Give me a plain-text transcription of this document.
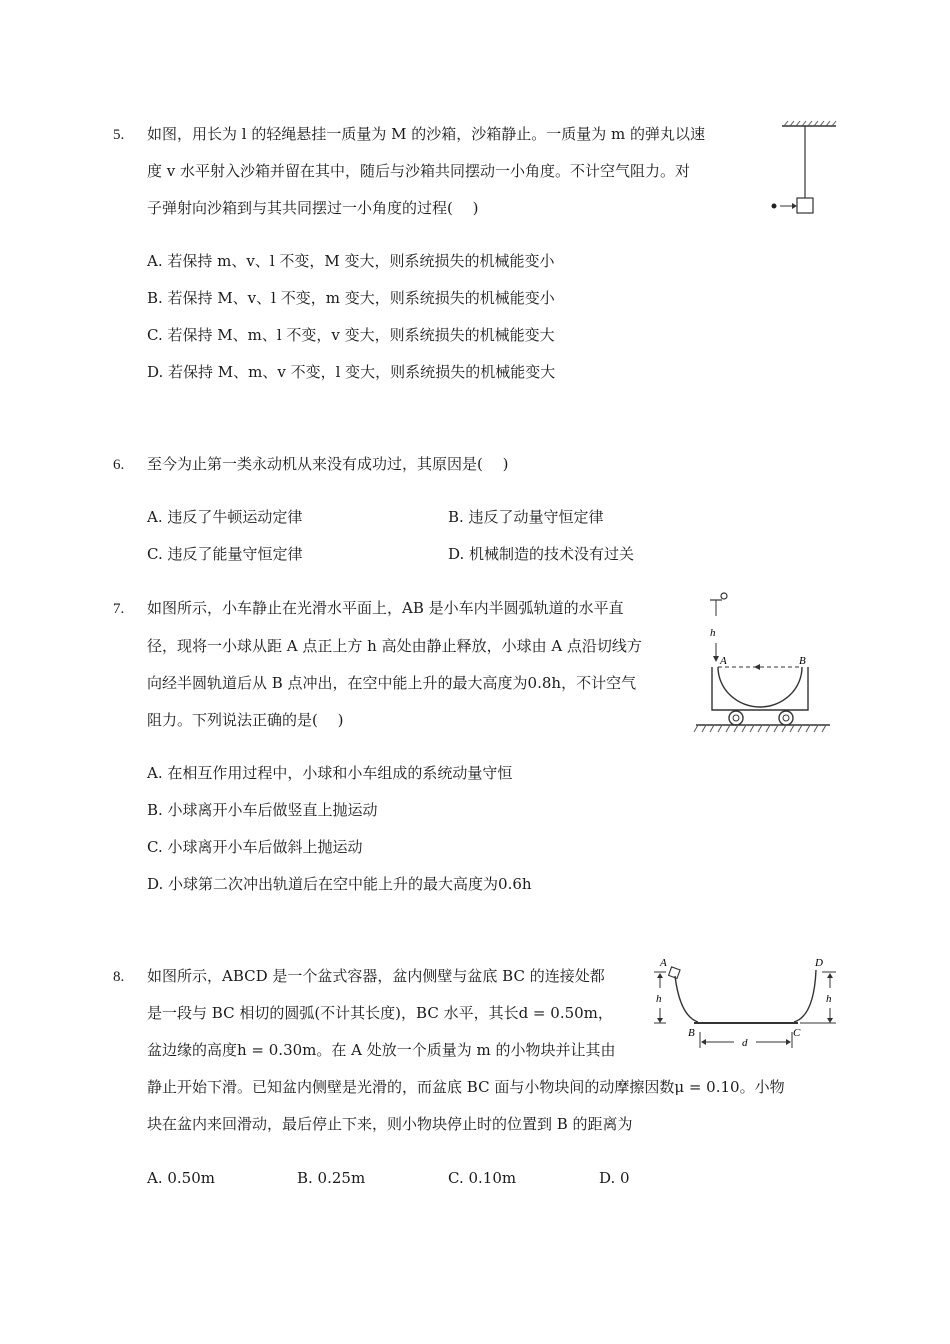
5. 如图，用长为 l 的轻绳悬挂一质量为 M 的沙箱，沙箱静止。一质量为 m 的弹丸以速
度 v 水平射入沙箱并留在其中，随后与沙箱共同摆动一小角度。不计空气阻力。对
子弹射向沙箱到与其共同摆过一小角度的过程(　 )
A. 若保持 m、v、l 不变，M 变大，则系统损失的机械能变小
B. 若保持 M、v、l 不变，m 变大，则系统损失的机械能变小
C. 若保持 M、m、l 不变，v 变大，则系统损失的机械能变大
D. 若保持 M、m、v 不变，l 变大，则系统损失的机械能变大
6. 至今为止第一类永动机从来没有成功过，其原因是(　 )
A. 违反了牛顿运动定律	B. 违反了动量守恒定律
C. 违反了能量守恒定律	D. 机械制造的技术没有过关
7. 如图所示，小车静止在光滑水平面上，AB 是小车内半圆弧轨道的水平直
径，现将一小球从距 A 点正上方 h 高处由静止释放，小球由 A 点沿切线方
向经半圆轨道后从 B 点冲出，在空中能上升的最大高度为0.8h，不计空气
阻力。下列说法正确的是(　 )
A. 在相互作用过程中，小球和小车组成的系统动量守恒
B. 小球离开小车后做竖直上抛运动
C. 小球离开小车后做斜上抛运动
D. 小球第二次冲出轨道后在空中能上升的最大高度为0.6h
h
A	B
8. 如图所示，ABCD 是一个盆式容器，盆内侧壁与盆底 BC 的连接处都
是一段与 BC 相切的圆弧(不计其长度)，BC 水平，其长d = 0.50m，
盆边缘的高度h = 0.30m。在 A 处放一个质量为 m 的小物块并让其由
静止开始下滑。已知盆内侧壁是光滑的，而盆底 BC 面与小物块间的动摩擦因数μ = 0.10。小物
块在盆内来回滑动，最后停止下来，则小物块停止时的位置到 B 的距离为
A. 0.50m	B. 0.25m	C. 0.10m	D. 0
A	D
h	h
B	C
d
